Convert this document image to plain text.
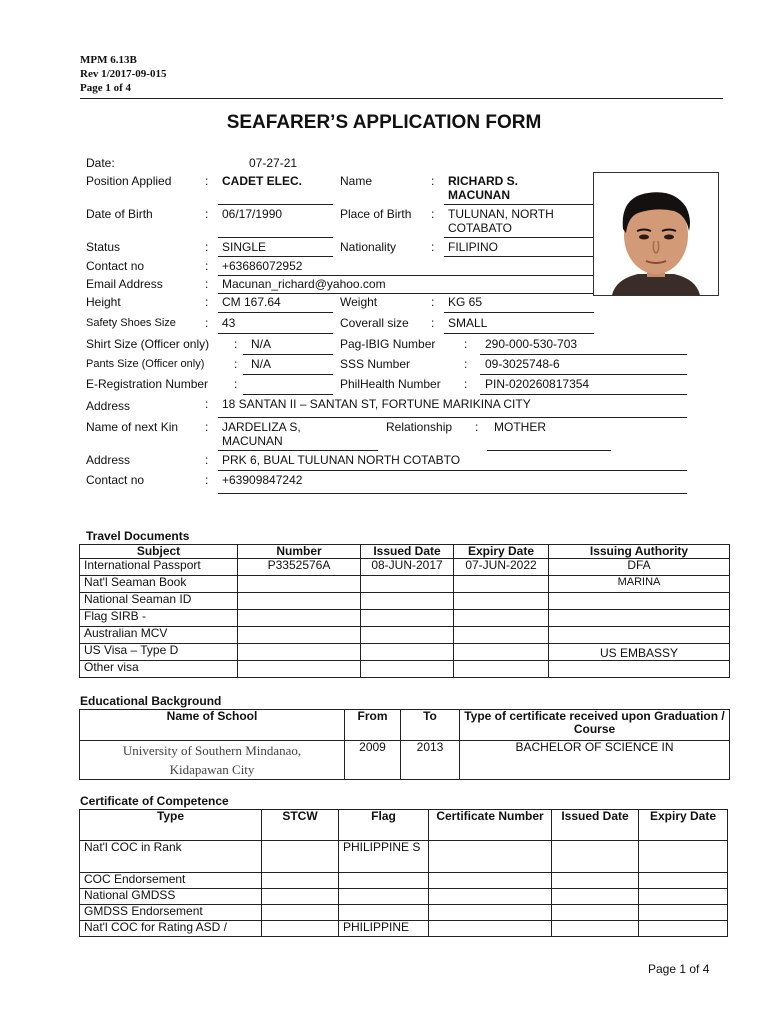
MPM 6.13B
Rev 1/2017-09-015
Page 1 of 4
SEAFARER’S APPLICATION FORM
Date:	07-27-21
Position Applied	: CADET ELEC.	Name	: RICHARD S.
MACUNAN
Date of Birth	: 06/17/1990	Place of Birth : TULUNAN, NORTH
COTABATO
Status	: SINGLE	Nationality	: FILIPINO
Contact no	: +63686072952
Email Address	: Macunan_richard@yahoo.com
Height	: CM 167.64	Weight	: KG 65
Safety Shoes Size : 43	Coverall size : SMALL
Shirt Size (Officer only) : N/A	Pag-IBIG Number : 290-000-530-703
Pants Size (Officer only) : N/A	SSS Number	: 09-3025748-6
E-Registration Number :	PhilHealth Number : PIN-020260817354
Address	: 18 SANTAN II – SANTAN ST, FORTUNE MARIKINA CITY
Name of next Kin : JARDELIZA S,
MACUNAN
Relationship : MOTHER
Address	: PRK 6, BUAL TULUNAN NORTH COTABTO
Contact no	: +63909847242
Travel Documents
Subject	Number	Issued Date	Expiry Date	Issuing Authority
International Passport	P3352576A	08-JUN-2017	07-JUN-2022	DFA
Nat'l Seaman Book				MARINA
National Seaman ID				
Flag SIRB -				
Australian MCV				
US Visa – Type D				US EMBASSY
Other visa				
Educational Background
Name of School	From	To	Type of certificate received upon Graduation / Course

University of Southern Mindanao,
Kidapawan City	2009	2013	BACHELOR OF SCIENCE IN
Certificate of Competence
Type	STCW	Flag	Certificate Number	Issued Date	Expiry Date
Nat'l COC in Rank		PHILIPPINE S			
COC Endorsement					
National GMDSS					
GMDSS Endorsement					
Nat'l COC for Rating ASD /		PHILIPPINE			
Page 1 of 4
